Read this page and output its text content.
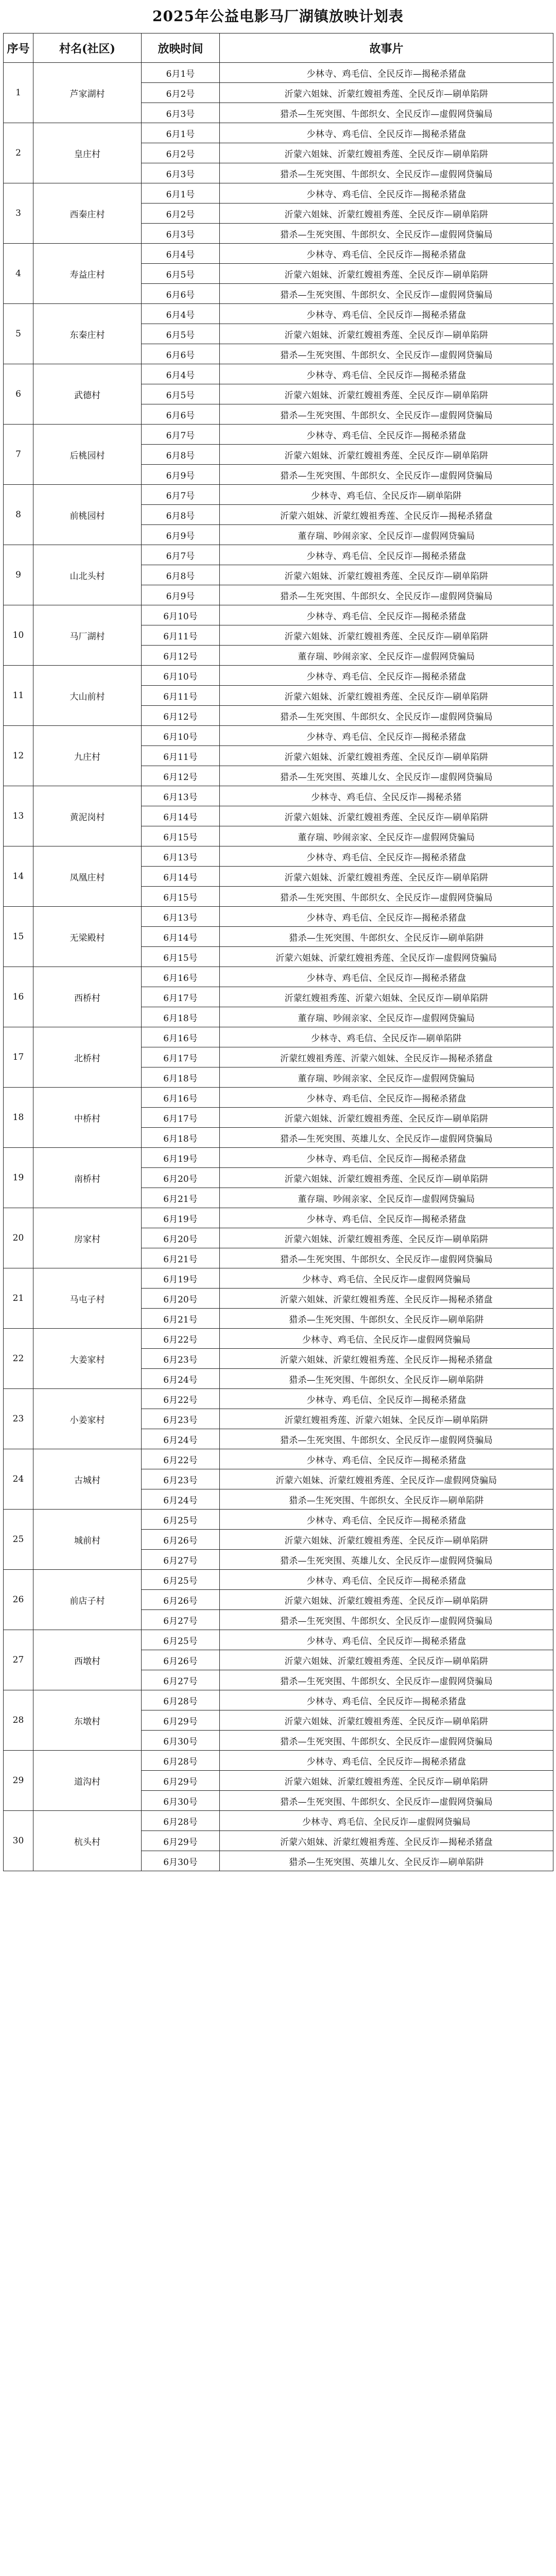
2025年公益电影马厂湖镇放映计划表
序号	村名(社区)	放映时间	故事片
1	芦家湖村	6月1号	少林寺、鸡毛信、全民反诈—揭秘杀猪盘
		6月2号	沂蒙六姐妹、沂蒙红嫂祖秀莲、全民反诈—刷单陷阱
		6月3号	猎杀—生死突围、牛郎织女、全民反诈—虚假网贷骗局
2	皇庄村	6月1号	少林寺、鸡毛信、全民反诈—揭秘杀猪盘
		6月2号	沂蒙六姐妹、沂蒙红嫂祖秀莲、全民反诈—刷单陷阱
		6月3号	猎杀—生死突围、牛郎织女、全民反诈—虚假网贷骗局
3	西秦庄村	6月1号	少林寺、鸡毛信、全民反诈—揭秘杀猪盘
		6月2号	沂蒙六姐妹、沂蒙红嫂祖秀莲、全民反诈—刷单陷阱
		6月3号	猎杀—生死突围、牛郎织女、全民反诈—虚假网贷骗局
4	寿益庄村	6月4号	少林寺、鸡毛信、全民反诈—揭秘杀猪盘
		6月5号	沂蒙六姐妹、沂蒙红嫂祖秀莲、全民反诈—刷单陷阱
		6月6号	猎杀—生死突围、牛郎织女、全民反诈—虚假网贷骗局
5	东秦庄村	6月4号	少林寺、鸡毛信、全民反诈—揭秘杀猪盘
		6月5号	沂蒙六姐妹、沂蒙红嫂祖秀莲、全民反诈—刷单陷阱
		6月6号	猎杀—生死突围、牛郎织女、全民反诈—虚假网贷骗局
6	武德村	6月4号	少林寺、鸡毛信、全民反诈—揭秘杀猪盘
		6月5号	沂蒙六姐妹、沂蒙红嫂祖秀莲、全民反诈—刷单陷阱
		6月6号	猎杀—生死突围、牛郎织女、全民反诈—虚假网贷骗局
7	后桃园村	6月7号	少林寺、鸡毛信、全民反诈—揭秘杀猪盘
		6月8号	沂蒙六姐妹、沂蒙红嫂祖秀莲、全民反诈—刷单陷阱
		6月9号	猎杀—生死突围、牛郎织女、全民反诈—虚假网贷骗局
8	前桃园村	6月7号	少林寺、鸡毛信、全民反诈—刷单陷阱
		6月8号	沂蒙六姐妹、沂蒙红嫂祖秀莲、全民反诈—揭秘杀猪盘
		6月9号	董存瑞、吵闹亲家、全民反诈—虚假网贷骗局
9	山北头村	6月7号	少林寺、鸡毛信、全民反诈—揭秘杀猪盘
		6月8号	沂蒙六姐妹、沂蒙红嫂祖秀莲、全民反诈—刷单陷阱
		6月9号	猎杀—生死突围、牛郎织女、全民反诈—虚假网贷骗局
10	马厂湖村	6月10号	少林寺、鸡毛信、全民反诈—揭秘杀猪盘
		6月11号	沂蒙六姐妹、沂蒙红嫂祖秀莲、全民反诈—刷单陷阱
		6月12号	董存瑞、吵闹亲家、全民反诈—虚假网贷骗局
11	大山前村	6月10号	少林寺、鸡毛信、全民反诈—揭秘杀猪盘
		6月11号	沂蒙六姐妹、沂蒙红嫂祖秀莲、全民反诈—刷单陷阱
		6月12号	猎杀—生死突围、牛郎织女、全民反诈—虚假网贷骗局
12	九庄村	6月10号	少林寺、鸡毛信、全民反诈—揭秘杀猪盘
		6月11号	沂蒙六姐妹、沂蒙红嫂祖秀莲、全民反诈—刷单陷阱
		6月12号	猎杀—生死突围、英雄儿女、全民反诈—虚假网贷骗局
13	黄泥岗村	6月13号	少林寺、鸡毛信、全民反诈—揭秘杀猪
		6月14号	沂蒙六姐妹、沂蒙红嫂祖秀莲、全民反诈—刷单陷阱
		6月15号	董存瑞、吵闹亲家、全民反诈—虚假网贷骗局
14	凤凰庄村	6月13号	少林寺、鸡毛信、全民反诈—揭秘杀猪盘
		6月14号	沂蒙六姐妹、沂蒙红嫂祖秀莲、全民反诈—刷单陷阱
		6月15号	猎杀—生死突围、牛郎织女、全民反诈—虚假网贷骗局
15	无梁殿村	6月13号	少林寺、鸡毛信、全民反诈—揭秘杀猪盘
		6月14号	猎杀—生死突围、牛郎织女、全民反诈—刷单陷阱
		6月15号	沂蒙六姐妹、沂蒙红嫂祖秀莲、全民反诈—虚假网贷骗局
16	西桥村	6月16号	少林寺、鸡毛信、全民反诈—揭秘杀猪盘
		6月17号	沂蒙红嫂祖秀莲、沂蒙六姐妹、全民反诈—刷单陷阱
		6月18号	董存瑞、吵闹亲家、全民反诈—虚假网贷骗局
17	北桥村	6月16号	少林寺、鸡毛信、全民反诈—刷单陷阱
		6月17号	沂蒙红嫂祖秀莲、沂蒙六姐妹、全民反诈—揭秘杀猪盘
		6月18号	董存瑞、吵闹亲家、全民反诈—虚假网贷骗局
18	中桥村	6月16号	少林寺、鸡毛信、全民反诈—揭秘杀猪盘
		6月17号	沂蒙六姐妹、沂蒙红嫂祖秀莲、全民反诈—刷单陷阱
		6月18号	猎杀—生死突围、英雄儿女、全民反诈—虚假网贷骗局
19	南桥村	6月19号	少林寺、鸡毛信、全民反诈—揭秘杀猪盘
		6月20号	沂蒙六姐妹、沂蒙红嫂祖秀莲、全民反诈—刷单陷阱
		6月21号	董存瑞、吵闹亲家、全民反诈—虚假网贷骗局
20	房家村	6月19号	少林寺、鸡毛信、全民反诈—揭秘杀猪盘
		6月20号	沂蒙六姐妹、沂蒙红嫂祖秀莲、全民反诈—刷单陷阱
		6月21号	猎杀—生死突围、牛郎织女、全民反诈—虚假网贷骗局
21	马屯子村	6月19号	少林寺、鸡毛信、全民反诈—虚假网贷骗局
		6月20号	沂蒙六姐妹、沂蒙红嫂祖秀莲、全民反诈—揭秘杀猪盘
		6月21号	猎杀—生死突围、牛郎织女、全民反诈—刷单陷阱
22	大姜家村	6月22号	少林寺、鸡毛信、全民反诈—虚假网贷骗局
		6月23号	沂蒙六姐妹、沂蒙红嫂祖秀莲、全民反诈—揭秘杀猪盘
		6月24号	猎杀—生死突围、牛郎织女、全民反诈—刷单陷阱
23	小姜家村	6月22号	少林寺、鸡毛信、全民反诈—揭秘杀猪盘
		6月23号	沂蒙红嫂祖秀莲、沂蒙六姐妹、全民反诈—刷单陷阱
		6月24号	猎杀—生死突围、牛郎织女、全民反诈—虚假网贷骗局
24	古城村	6月22号	少林寺、鸡毛信、全民反诈—揭秘杀猪盘
		6月23号	沂蒙六姐妹、沂蒙红嫂祖秀莲、全民反诈—虚假网贷骗局
		6月24号	猎杀—生死突围、牛郎织女、全民反诈—刷单陷阱
25	城前村	6月25号	少林寺、鸡毛信、全民反诈—揭秘杀猪盘
		6月26号	沂蒙六姐妹、沂蒙红嫂祖秀莲、全民反诈—刷单陷阱
		6月27号	猎杀—生死突围、英雄儿女、全民反诈—虚假网贷骗局
26	前店子村	6月25号	少林寺、鸡毛信、全民反诈—揭秘杀猪盘
		6月26号	沂蒙六姐妹、沂蒙红嫂祖秀莲、全民反诈—刷单陷阱
		6月27号	猎杀—生死突围、牛郎织女、全民反诈—虚假网贷骗局
27	西墩村	6月25号	少林寺、鸡毛信、全民反诈—揭秘杀猪盘
		6月26号	沂蒙六姐妹、沂蒙红嫂祖秀莲、全民反诈—刷单陷阱
		6月27号	猎杀—生死突围、牛郎织女、全民反诈—虚假网贷骗局
28	东墩村	6月28号	少林寺、鸡毛信、全民反诈—揭秘杀猪盘
		6月29号	沂蒙六姐妹、沂蒙红嫂祖秀莲、全民反诈—刷单陷阱
		6月30号	猎杀—生死突围、牛郎织女、全民反诈—虚假网贷骗局
29	道沟村	6月28号	少林寺、鸡毛信、全民反诈—揭秘杀猪盘
		6月29号	沂蒙六姐妹、沂蒙红嫂祖秀莲、全民反诈—刷单陷阱
		6月30号	猎杀—生死突围、牛郎织女、全民反诈—虚假网贷骗局
30	杭头村	6月28号	少林寺、鸡毛信、全民反诈—虚假网贷骗局
		6月29号	沂蒙六姐妹、沂蒙红嫂祖秀莲、全民反诈—揭秘杀猪盘
		6月30号	猎杀—生死突围、英雄儿女、全民反诈—刷单陷阱
